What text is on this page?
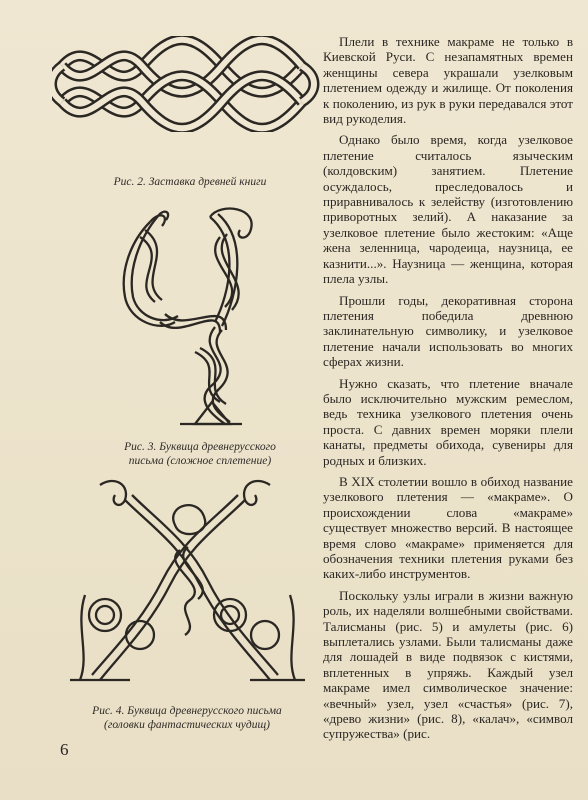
Рис. 2. Заставка древней книги
Рис. 3. Буквица древнерусского
письма (сложное сплетение)
Рис. 4. Буквица древнерусского письма
(головки фантастических чудищ)
6

Плели в технике макраме не только в Киевской Руси. С незапамятных времен женщины севера украшали узелковым плетением одежду и жилище. От поколения к поколению, из рук в руки передавался этот вид рукоделия.

Однако было время, когда узелковое плетение считалось языческим (колдовским) занятием. Плетение осуждалось, преследовалось и приравнивалось к зелейству (изготовлению приворотных зелий). А наказание за узелковое плетение было жестоким: «Аще жена зеленница, чародеица, наузница, ее казнити...». Наузница — женщина, которая плела узлы.

Прошли годы, декоративная сторона плетения победила древнюю заклинательную символику, и узелковое плетение начали использовать во многих сферах жизни.

Нужно сказать, что плетение вначале было исключительно мужским ремеслом, ведь техника узелкового плетения очень проста. С давних времен моряки плели канаты, предметы обихода, сувениры для родных и близких.

В XIX столетии вошло в обиход название узелкового плетения — «макраме». О происхождении слова «макраме» существует множество версий. В настоящее время слово «макраме» применяется для обозначения техники плетения руками без каких-либо инструментов.

Поскольку узлы играли в жизни важную роль, их наделяли волшебными свойствами. Талисманы (рис. 5) и амулеты (рис. 6) выплетались узлами. Были талисманы даже для лошадей в виде подвязок с кистями, вплетенных в упряжь. Каждый узел макраме имел символическое значение: «вечный» узел, узел «счастья» (рис. 7), «древо жизни» (рис. 8), «калач», «символ супружества» (рис.
